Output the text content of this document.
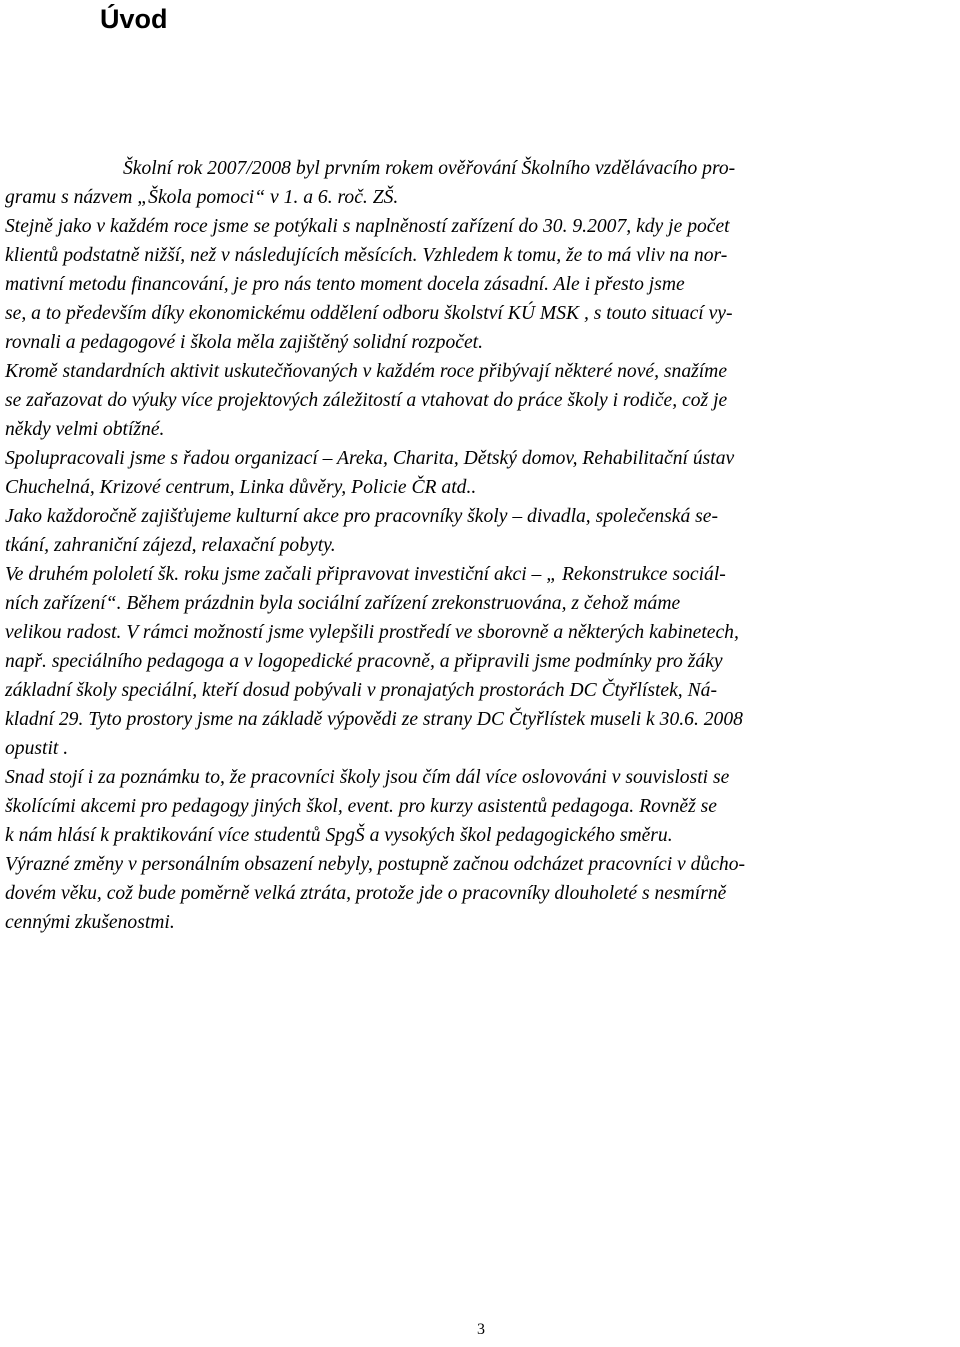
Úvod
Školní rok 2007/2008 byl prvním rokem ověřování Školního vzdělávacího pro-
gramu s názvem „Škola pomoci“ v 1. a 6. roč. ZŠ.
Stejně jako v každém roce jsme se potýkali s naplněností zařízení do 30. 9.2007, kdy je počet
klientů podstatně nižší, než v následujících měsících. Vzhledem k tomu, že to má vliv na nor-
mativní metodu financování, je pro nás tento moment docela zásadní. Ale i přesto jsme
se, a to především díky ekonomickému oddělení odboru školství KÚ MSK , s touto situací vy-
rovnali a pedagogové i škola měla zajištěný solidní rozpočet.
Kromě standardních aktivit uskutečňovaných v každém roce přibývají některé nové, snažíme
se zařazovat do výuky více projektových záležitostí a vtahovat do práce školy i rodiče, což je
někdy velmi obtížné.
Spolupracovali jsme s řadou organizací – Areka, Charita, Dětský domov, Rehabilitační ústav
Chuchelná, Krizové centrum, Linka důvěry, Policie ČR atd..
Jako každoročně zajišťujeme kulturní akce pro pracovníky školy – divadla, společenská se-
tkání, zahraniční zájezd, relaxační pobyty.
Ve druhém pololetí šk. roku jsme začali připravovat investiční akci – „ Rekonstrukce sociál-
ních zařízení“. Během prázdnin byla sociální zařízení zrekonstruována, z čehož máme
velikou radost. V rámci možností jsme vylepšili prostředí ve sborovně a některých kabinetech,
např. speciálního pedagoga a v logopedické pracovně, a připravili jsme podmínky pro žáky
základní školy speciální, kteří dosud pobývali v pronajatých prostorách DC Čtyřlístek, Ná-
kladní 29. Tyto prostory jsme na základě výpovědi ze strany DC Čtyřlístek museli k 30.6. 2008
opustit .
Snad stojí i za poznámku to, že pracovníci školy jsou čím dál více oslovováni v souvislosti se
školícími akcemi pro pedagogy jiných škol, event. pro kurzy asistentů pedagoga. Rovněž se
k nám hlásí k praktikování více studentů SpgŠ a vysokých škol pedagogického směru.
Výrazné změny v personálním obsazení nebyly, postupně začnou odcházet pracovníci v důcho-
dovém věku, což bude poměrně velká ztráta, protože jde o pracovníky dlouholeté s nesmírně
cennými zkušenostmi.
3
